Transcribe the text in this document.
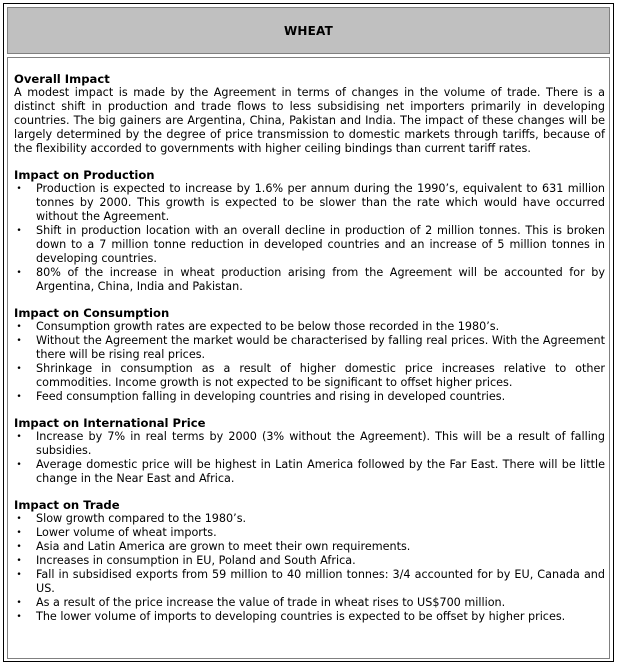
WHEAT
Overall Impact

A modest impact is made by the Agreement in terms of changes in the volume of trade. There is a distinct shift in production and trade flows to less subsidising net importers primarily in developing countries. The big gainers are Argentina, China, Pakistan and India. The impact of these changes will be largely determined by the degree of price transmission to domestic markets through tariffs, because of the flexibility accorded to governments with higher ceiling bindings than current tariff rates.

Impact on Production
• Production is expected to increase by 1.6% per annum during the 1990’s, equivalent to 631 million tonnes by 2000. This growth is expected to be slower than the rate which would have occurred without the Agreement.
• Shift in production location with an overall decline in production of 2 million tonnes. This is broken down to a 7 million tonne reduction in developed countries and an increase of 5 million tonnes in developing countries.
• 80% of the increase in wheat production arising from the Agreement will be accounted for by Argentina, China, India and Pakistan.
Impact on Consumption
• Consumption growth rates are expected to be below those recorded in the 1980’s.
• Without the Agreement the market would be characterised by falling real prices. With the Agreement there will be rising real prices.
• Shrinkage in consumption as a result of higher domestic price increases relative to other commodities. Income growth is not expected to be significant to offset higher prices.
• Feed consumption falling in developing countries and rising in developed countries.
Impact on International Price
• Increase by 7% in real terms by 2000 (3% without the Agreement). This will be a result of falling subsidies.
• Average domestic price will be highest in Latin America followed by the Far East. There will be little change in the Near East and Africa.
Impact on Trade
• Slow growth compared to the 1980’s.
• Lower volume of wheat imports.
• Asia and Latin America are grown to meet their own requirements.
• Increases in consumption in EU, Poland and South Africa.
• Fall in subsidised exports from 59 million to 40 million tonnes: 3/4 accounted for by EU, Canada and US.
• As a result of the price increase the value of trade in wheat rises to US$700 million.
• The lower volume of imports to developing countries is expected to be offset by higher prices.
